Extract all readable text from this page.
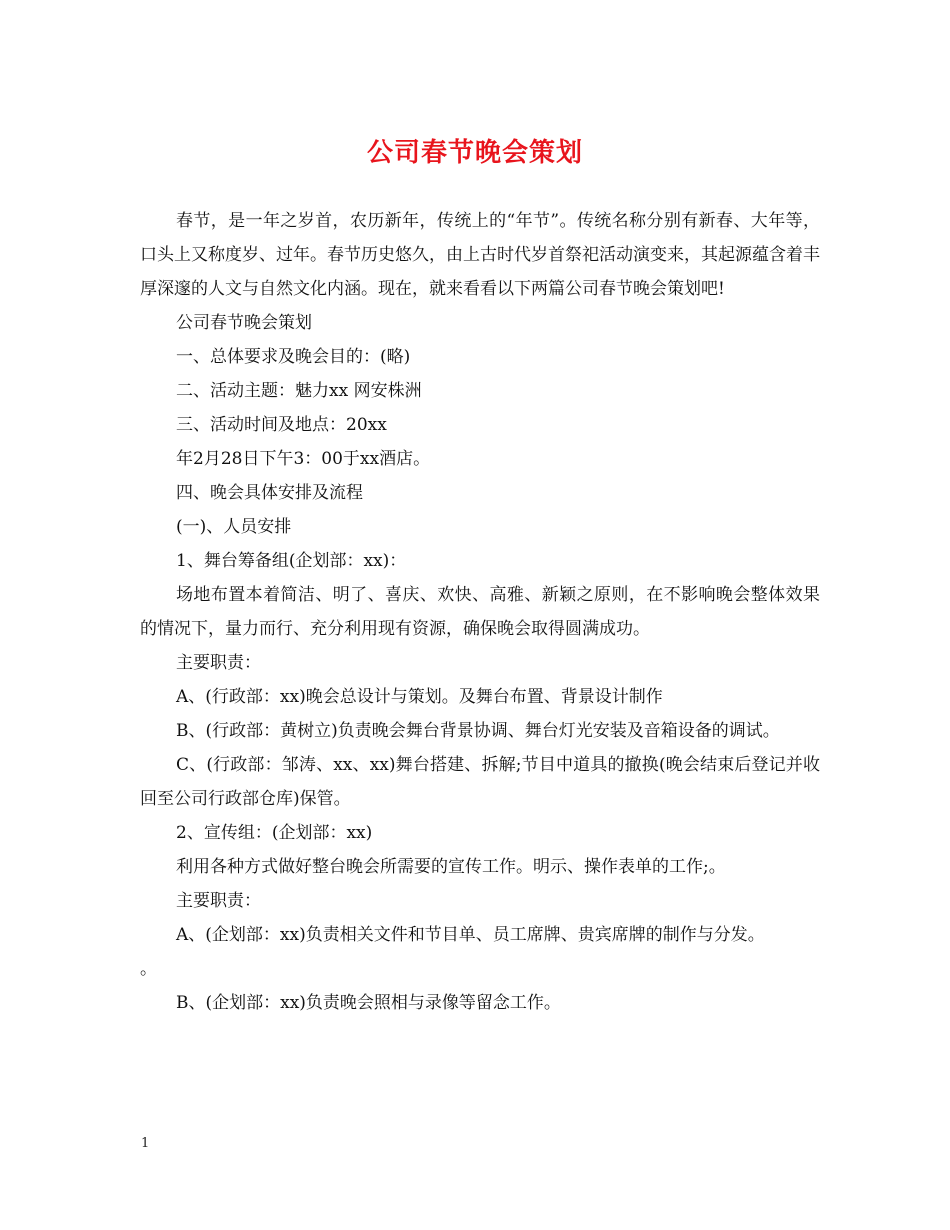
公司春节晚会策划

春节，是一年之岁首，农历新年，传统上的“年节”。传统名称分别有新春、大年等，口头上又称度岁、过年。春节历史悠久，由上古时代岁首祭祀活动演变来，其起源蕴含着丰厚深邃的人文与自然文化内涵。现在，就来看看以下两篇公司春节晚会策划吧!

公司春节晚会策划

一、总体要求及晚会目的：(略)

二、活动主题：魅力xx 网安株洲

三、活动时间及地点：20xx

年2月28日下午3：00于xx酒店。

四、晚会具体安排及流程

(一)、人员安排

1、舞台筹备组(企划部：xx)：

场地布置本着简洁、明了、喜庆、欢快、高雅、新颖之原则，在不影响晚会整体效果的情况下，量力而行、充分利用现有资源，确保晚会取得圆满成功。

主要职责：

A、(行政部：xx)晚会总设计与策划。及舞台布置、背景设计制作

B、(行政部：黄树立)负责晚会舞台背景协调、舞台灯光安装及音箱设备的调试。

C、(行政部：邹涛、xx、xx)舞台搭建、拆解;节目中道具的撤换(晚会结束后登记并收回至公司行政部仓库)保管。

2、宣传组：(企划部：xx)

利用各种方式做好整台晚会所需要的宣传工作。明示、操作表单的工作;。

主要职责：

A、(企划部：xx)负责相关文件和节目单、员工席牌、贵宾席牌的制作与分发。

。

B、(企划部：xx)负责晚会照相与录像等留念工作。

1
